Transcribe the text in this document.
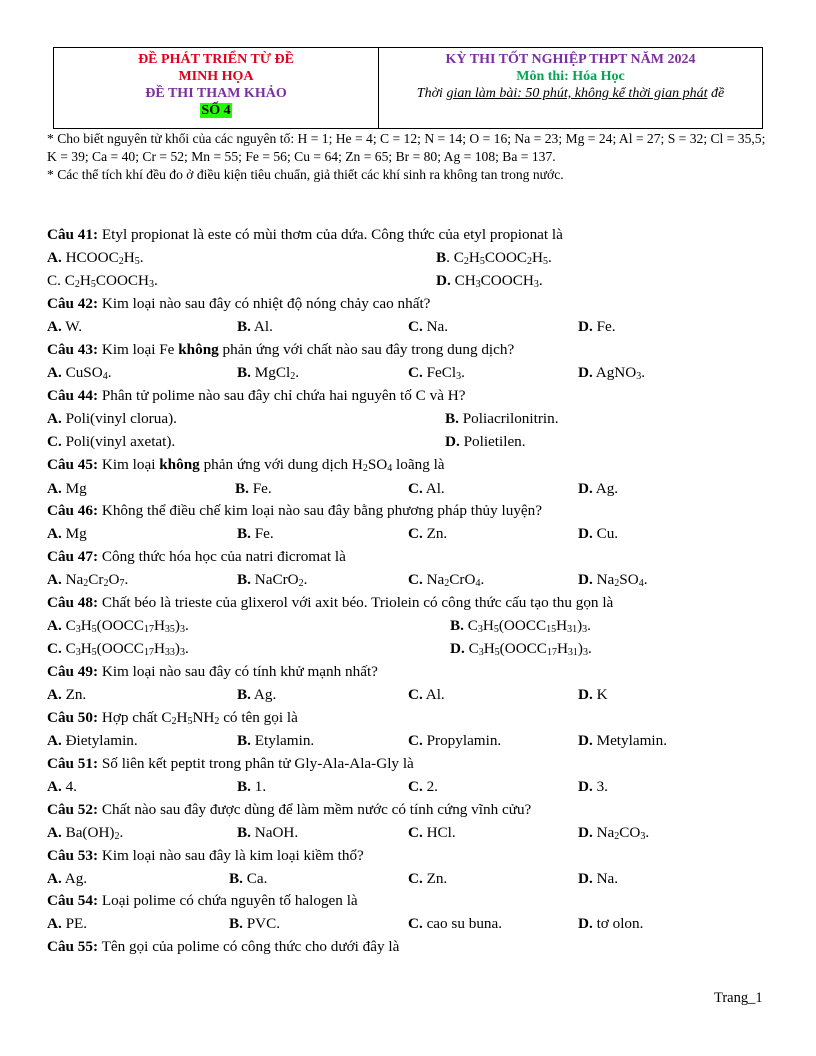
ĐỀ PHÁT TRIỂN TỪ ĐỀ
MINH HỌA
ĐỀ THI THAM KHẢO
SỐ 4

KỲ THI TỐT NGHIỆP THPT NĂM 2024
Môn thi: Hóa Học
Thời gian làm bài: 50 phút, không kể thời gian phát đề

* Cho biết nguyên tử khối của các nguyên tố: H = 1; He = 4; C = 12; N = 14; O = 16; Na = 23; Mg = 24; Al = 27; S = 32; Cl = 35,5; K = 39; Ca = 40; Cr = 52; Mn = 55; Fe = 56; Cu = 64; Zn = 65; Br = 80; Ag = 108; Ba = 137.

* Các thể tích khí đều đo ở điều kiện tiêu chuẩn, giả thiết các khí sinh ra không tan trong nước.

Câu 41: Etyl propionat là este có mùi thơm của dứa. Công thức của etyl propionat là
A. $HCOOC_2H_5$.	B. $C_2H_5COOC_2H_5$.
C. $C_2H_5COOCH_3$.	D. $CH_3COOCH_3$.
Câu 42: Kim loại nào sau đây có nhiệt độ nóng chảy cao nhất?
A. W.	B. Al.	C. Na.	D. Fe.
Câu 43: Kim loại Fe không phản ứng với chất nào sau đây trong dung dịch?
A. CuSO$_4$.	B. MgCl$_2$.	C. FeCl$_3$.	D. AgNO$_3$.
Câu 44: Phân tử polime nào sau đây chỉ chứa hai nguyên tố C và H?
A. Poli(vinyl clorua).	B. Poliacrilonitrin.
C. Poli(vinyl axetat).	D. Polietilen.
Câu 45: Kim loại không phản ứng với dung dịch $H_2SO_4$ loãng là
A. Mg	B. Fe.	C. Al.	D. Ag.
Câu 46: Không thể điều chế kim loại nào sau đây bằng phương pháp thủy luyện?
A. Mg	B. Fe.	C. Zn.	D. Cu.
Câu 47: Công thức hóa học của natri đicromat là
A. $Na_2Cr_2O_7$.	B. NaCrO$_2$.	C. $Na_2CrO_4$.	D. $Na_2SO_4$.
Câu 48: Chất béo là trieste của glixerol với axit béo. Triolein có công thức cấu tạo thu gọn là
A. $C_3H_5(OOCC_{17}H_{35})_3$.	B. $C_3H_5(OOCC_{15}H_{31})_3$.
C. $C_3H_5(OOCC_{17}H_{33})_3$.	D. $C_3H_5(OOCC_{17}H_{31})_3$.
Câu 49: Kim loại nào sau đây có tính khử mạnh nhất?
A. Zn.	B. Ag.	C. Al.	D. K
Câu 50: Hợp chất $C_2H_5NH_2$ có tên gọi là
A. Đietylamin.	B. Etylamin.	C. Propylamin.	D. Metylamin.
Câu 51: Số liên kết peptit trong phân tử Gly-Ala-Ala-Gly là
A. 4.	B. 1.	C. 2.	D. 3.
Câu 52: Chất nào sau đây được dùng để làm mềm nước có tính cứng vĩnh cửu?
A. $Ba(OH)_2$.	B. NaOH.	C. HCl.	D. $Na_2CO_3$.
Câu 53: Kim loại nào sau đây là kim loại kiềm thổ?
A. Ag.	B. Ca.	C. Zn.	D. Na.
Câu 54: Loại polime có chứa nguyên tố halogen là
A. PE.	B. PVC.	C. cao su buna.	D. tơ olon.
Câu 55: Tên gọi của polime có công thức cho dưới đây là
Trang_1
